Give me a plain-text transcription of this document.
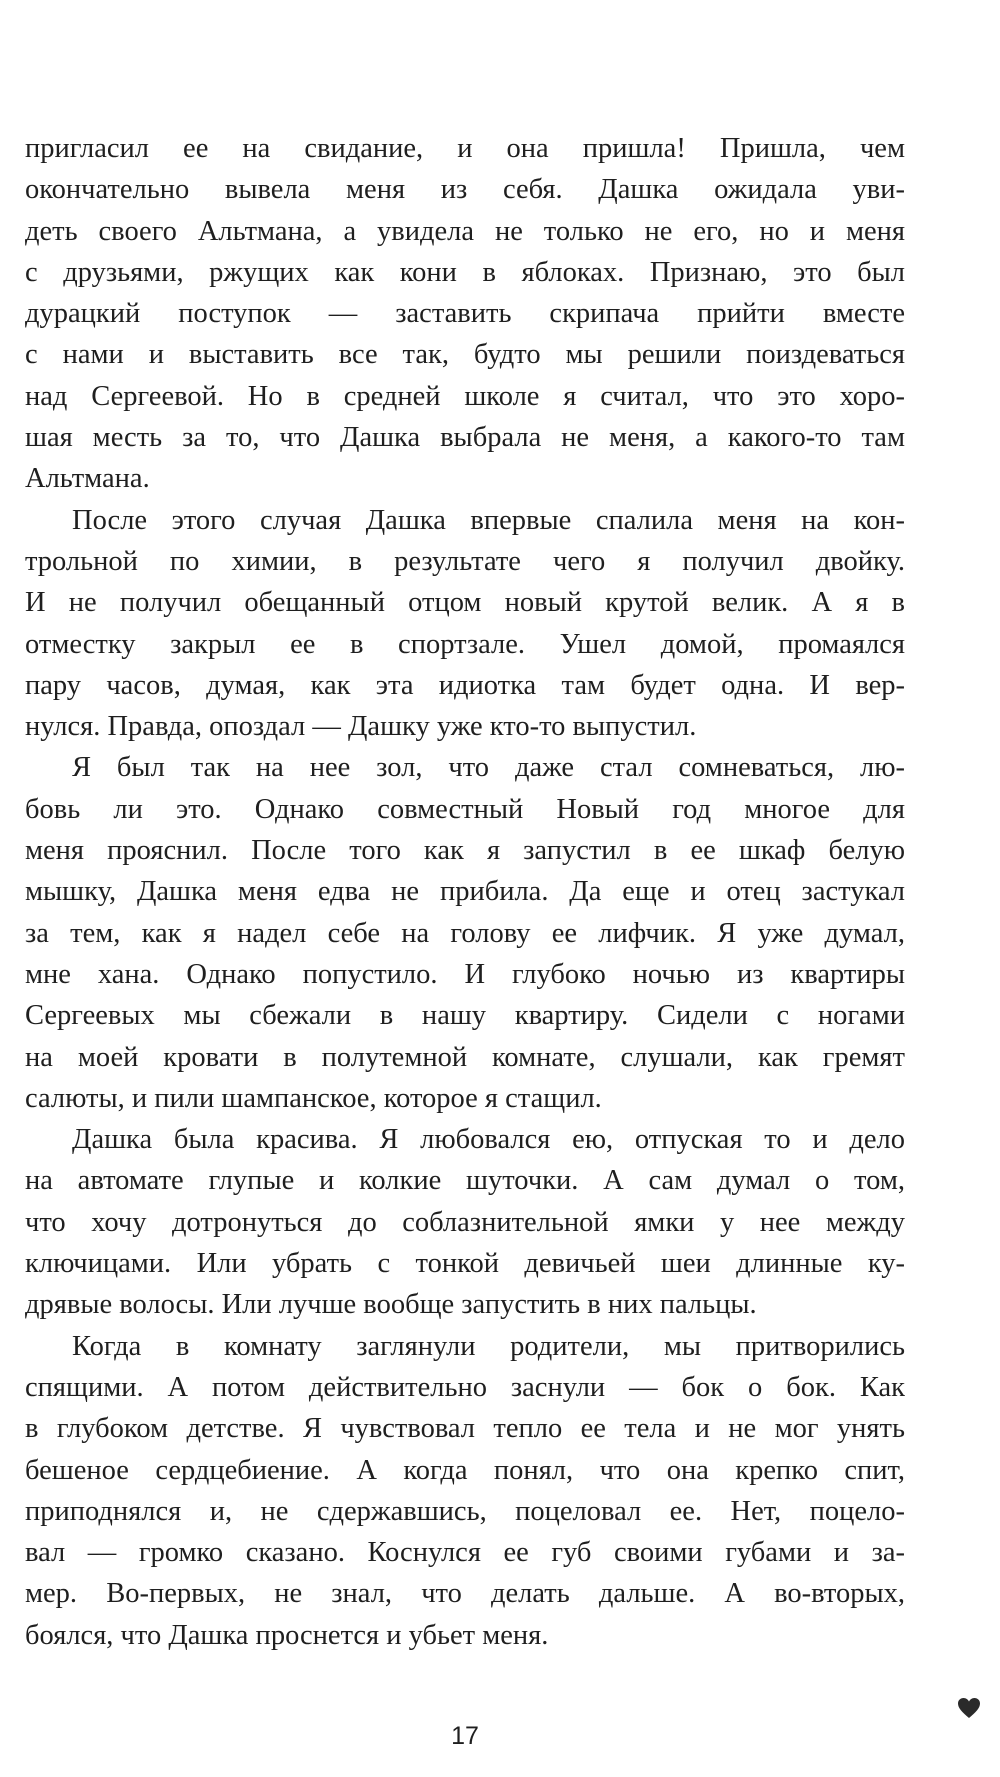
пригласил ее на свидание, и она пришла! Пришла, чем
окончательно вывела меня из себя. Дашка ожидала уви-
деть своего Альтмана, а увидела не только не его, но и меня
с друзьями, ржущих как кони в яблоках. Признаю, это был
дурацкий поступок — заставить скрипача прийти вместе
с нами и выставить все так, будто мы решили поиздеваться
над Сергеевой. Но в средней школе я считал, что это хоро-
шая месть за то, что Дашка выбрала не меня, а какого-то там
Альтмана.
После этого случая Дашка впервые спалила меня на кон-
трольной по химии, в результате чего я получил двойку.
И не получил обещанный отцом новый крутой велик. А я в
отместку закрыл ее в спортзале. Ушел домой, промаялся
пару часов, думая, как эта идиотка там будет одна. И вер-
нулся. Правда, опоздал — Дашку уже кто-то выпустил.
Я был так на нее зол, что даже стал сомневаться, лю-
бовь ли это. Однако совместный Новый год многое для
меня прояснил. После того как я запустил в ее шкаф белую
мышку, Дашка меня едва не прибила. Да еще и отец застукал
за тем, как я надел себе на голову ее лифчик. Я уже думал,
мне хана. Однако попустило. И глубоко ночью из квартиры
Сергеевых мы сбежали в нашу квартиру. Сидели с ногами
на моей кровати в полутемной комнате, слушали, как гремят
салюты, и пили шампанское, которое я стащил.
Дашка была красива. Я любовался ею, отпуская то и дело
на автомате глупые и колкие шуточки. А сам думал о том,
что хочу дотронуться до соблазнительной ямки у нее между
ключицами. Или убрать с тонкой девичьей шеи длинные ку-
дрявые волосы. Или лучше вообще запустить в них пальцы.
Когда в комнату заглянули родители, мы притворились
спящими. А потом действительно заснули — бок о бок. Как
в глубоком детстве. Я чувствовал тепло ее тела и не мог унять
бешеное сердцебиение. А когда понял, что она крепко спит,
приподнялся и, не сдержавшись, поцеловал ее. Нет, поцело-
вал — громко сказано. Коснулся ее губ своими губами и за-
мер. Во-первых, не знал, что делать дальше. А во-вторых,
боялся, что Дашка проснется и убьет меня.
17
